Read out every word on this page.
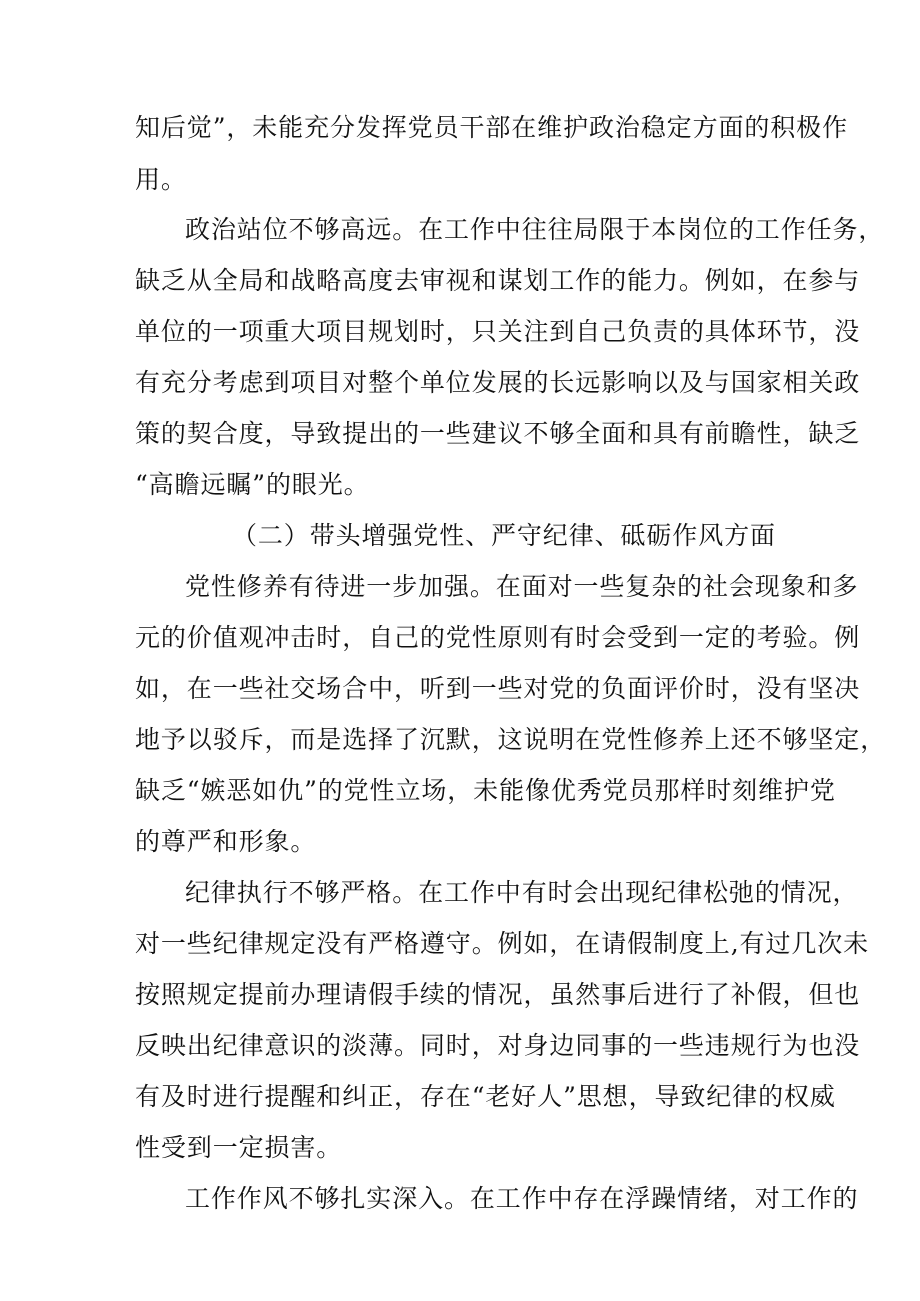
知后觉”，未能充分发挥党员干部在维护政治稳定方面的积极作
用。
政治站位不够高远。在工作中往往局限于本岗位的工作任务，
缺乏从全局和战略高度去审视和谋划工作的能力。例如，在参与
单位的一项重大项目规划时，只关注到自己负责的具体环节，没
有充分考虑到项目对整个单位发展的长远影响以及与国家相关政
策的契合度，导致提出的一些建议不够全面和具有前瞻性，缺乏
“高瞻远瞩”的眼光。
（二）带头增强党性、严守纪律、砥砺作风方面
党性修养有待进一步加强。在面对一些复杂的社会现象和多
元的价值观冲击时，自己的党性原则有时会受到一定的考验。例
如，在一些社交场合中，听到一些对党的负面评价时，没有坚决
地予以驳斥，而是选择了沉默，这说明在党性修养上还不够坚定，
缺乏“嫉恶如仇”的党性立场，未能像优秀党员那样时刻维护党
的尊严和形象。
纪律执行不够严格。在工作中有时会出现纪律松弛的情况，
对一些纪律规定没有严格遵守。例如，在请假制度上,有过几次未
按照规定提前办理请假手续的情况，虽然事后进行了补假，但也
反映出纪律意识的淡薄。同时，对身边同事的一些违规行为也没
有及时进行提醒和纠正，存在“老好人”思想，导致纪律的权威
性受到一定损害。
工作作风不够扎实深入。在工作中存在浮躁情绪，对工作的
